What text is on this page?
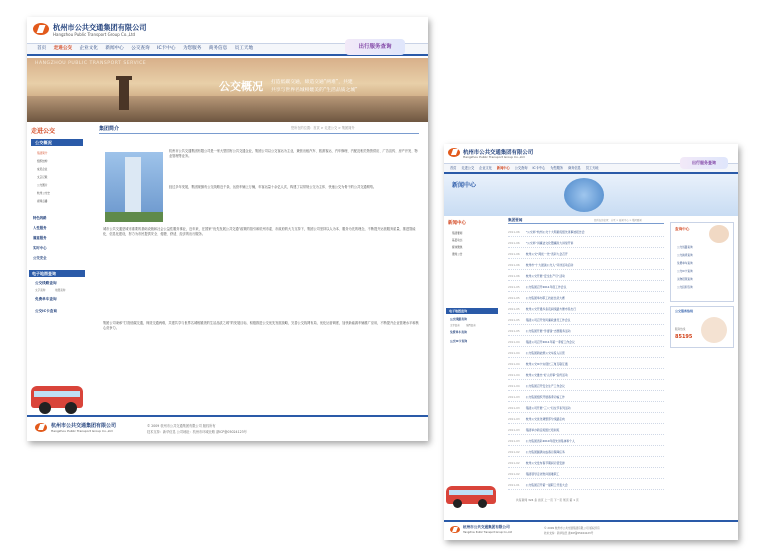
杭州市公共交通集团有限公司
Hangzhou Public Transport Group Co.,Ltd
首页 走进公交 企业文化 新闻中心 公交查询 IC卡中心 为您服务 商务信息 员工天地	出行服务查询
HANGZHOU PUBLIC TRANSPORT SERVICE
公交概况 打造低碳交通，缔造交通“两难”，共建
共享与世界名城相媲美的“生活品质之城”
走进公交
公交概况
集团简介
组织结构
成员企业
文章记载
公交图片
杭州公交史
视频点播
特色线路
人性服务
满意服务
实时中心
公交安全
电子地图查询
公交线路查询
文字查询	地图查询
免费单车查询
公交IC卡查询
集团简介	您所在的位置：首页 > 走进公交 > 集团简介
杭州市公共交通集团有限公司是一家大型国有公共交通企业，集团公司以公交客运为主业，兼营出租汽车、旅游客运、汽车修理、汽配及相关物资供应、广告宣传、房产开发、物业管理等业务。
经过多年发展，集团现拥有公交线路近千条，运营车辆上万辆，年客运量十余亿人次，构建了以常规公交为主体、快速公交为骨干的公共交通网络。
城市公共交通是城市重要的基础设施和社会公益性服务事业，近年来，在国家“优先发展公共交通”政策的指引和杭州市委、市政府的大力支持下，集团公司坚持以人为本、服务为先的理念，不断提升运营服务质量，推进智能化、信息化建设，努力为市民提供安全、便捷、舒适、经济的出行服务。
集团公司秉承“打造低碳交通，缔造交通两难，共建共享与世界名城相媲美的生活品质之城”的发展目标，积极推进公交优先发展战略，完善公交线网布局，优化运营调度，加快新能源车辆推广应用，不断提升企业管理水平和核心竞争力。
杭州市公共交通集团有限公司
Hangzhou Public Transport Group Co.,Ltd
© 2009 杭州市公共交通集团有限公司 版权所有
技术支持：新华信息 公司地址：杭州市环城北路 浙ICP备05024123号
杭州市公共交通集团有限公司
Hangzhou Public Transport Group Co.,Ltd
首页 走进公交 企业文化 新闻中心 公交查询 IC卡中心 为您服务 商务信息 员工天地
出行服务查询
新闻中心
新闻中心
集团要闻
基层动态
媒体聚焦
通知公告
电子地图查询
公交线路查询
文字查询	地图查询
免费单车查询
公交IC卡查询
集团要闻	您所在的位置：首页 > 新闻中心 > 集团要闻
2011-06 “公交杯”杭州公交十大明星班组先进事迹报告会
2011-06 “公交杯”讲廉洁文化暨廉政大讲堂开讲
2011-06 杭州公交“两优一先”表彰大会召开
2011-06 杭州市“十大最美公交人”评选活动启动
2011-06 杭州公交开展“安全生产月”活动
2011-05 公交集团召开2011年度工作会议
2011-05 公交集团举办职工技能比武大赛
2011-05 杭州公交开通多条夜间线路方便市民出行
2011-05 集团公司召开党风廉政建设工作会议
2011-05 公交集团开展“学雷锋”志愿服务活动
2011-04 集团公司召开2011年第一季度工作会议
2011-04 公交集团新能源公交车投入运营
2011-04 杭州公交IC卡实现长三角互联互通
2011-04 杭州公交推出“好人好事”宣传活动
2011-04 公交集团召开安全生产工作会议
2011-03 公交集团组织开展春季运输工作
2011-03 集团公司开展“三八”妇女节系列活动
2011-03 杭州公交优化调整部分线路走向
2011-03 集团举办新任班组长培训班
2011-03 公交集团表彰2010年度先进集体和个人
2011-02 公交集团圆满完成春运保障任务
2011-02 杭州公交发布春节期间运营安排
2011-02 集团领导走访慰问困难职工
2011-01 公交集团召开第一届职工代表大会
共有新闻 324 条 首页 上一页 下一页 尾页 第 1 页
查询中心
公交线路查询
公交换乘查询
免费单车查询
公交IC卡查询
失物招领查询
公交投诉咨询
公交服务热线
服务热线
85195
杭州市公共交通集团有限公司
Hangzhou Public Transport Group Co.,Ltd
© 2009 杭州市公共交通集团有限公司 版权所有
技术支持：新华信息 浙ICP备05024123号
